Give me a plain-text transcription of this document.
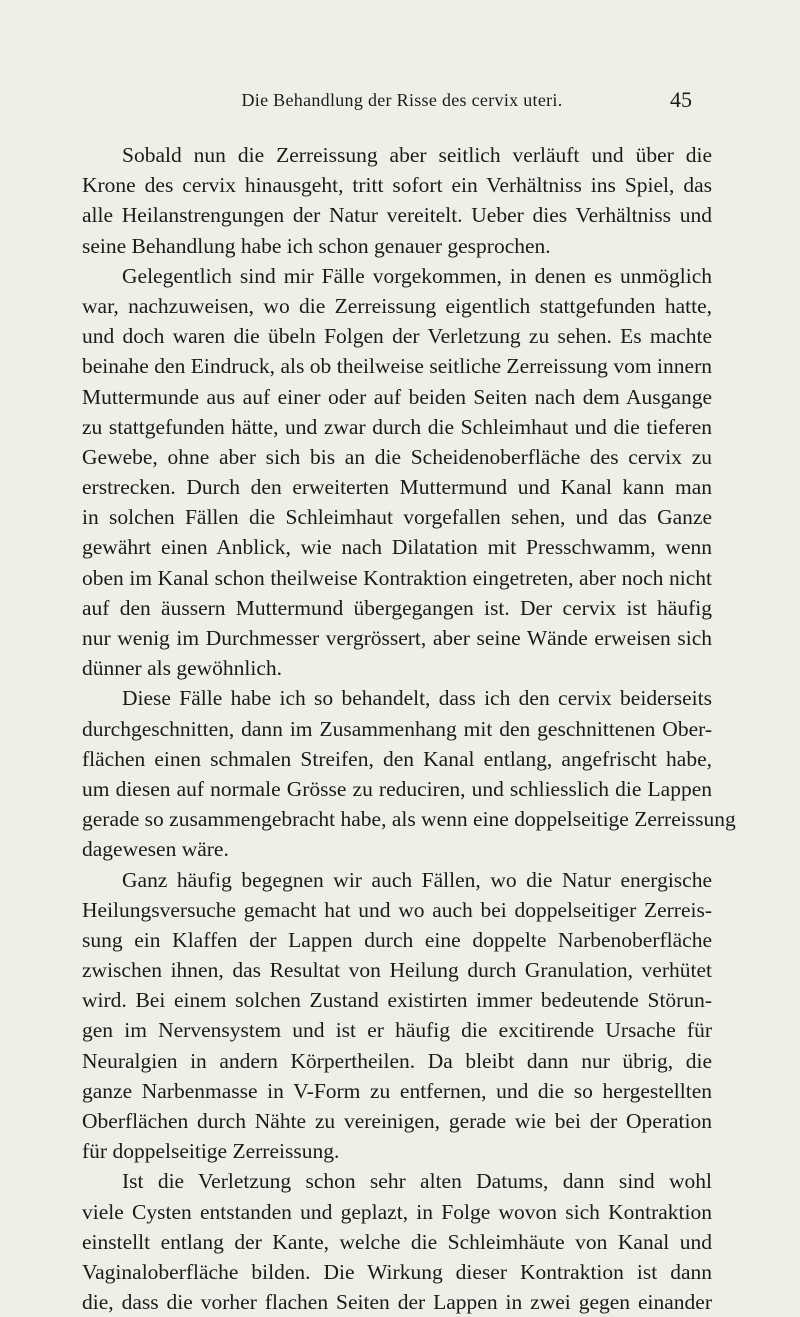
Die Behandlung der Risse des cervix uteri.	45
Sobald nun die Zerreissung aber seitlich verläuft und über die
Krone des cervix hinausgeht, tritt sofort ein Verhältniss ins Spiel, das
alle Heilanstrengungen der Natur vereitelt. Ueber dies Verhältniss und
seine Behandlung habe ich schon genauer gesprochen.
Gelegentlich sind mir Fälle vorgekommen, in denen es unmöglich
war, nachzuweisen, wo die Zerreissung eigentlich stattgefunden hatte,
und doch waren die übeln Folgen der Verletzung zu sehen. Es machte
beinahe den Eindruck, als ob theilweise seitliche Zerreissung vom innern
Muttermunde aus auf einer oder auf beiden Seiten nach dem Ausgange
zu stattgefunden hätte, und zwar durch die Schleimhaut und die tieferen
Gewebe, ohne aber sich bis an die Scheidenoberfläche des cervix zu
erstrecken. Durch den erweiterten Muttermund und Kanal kann man
in solchen Fällen die Schleimhaut vorgefallen sehen, und das Ganze
gewährt einen Anblick, wie nach Dilatation mit Presschwamm, wenn
oben im Kanal schon theilweise Kontraktion eingetreten, aber noch nicht
auf den äussern Muttermund übergegangen ist. Der cervix ist häufig
nur wenig im Durchmesser vergrössert, aber seine Wände erweisen sich
dünner als gewöhnlich.
Diese Fälle habe ich so behandelt, dass ich den cervix beiderseits
durchgeschnitten, dann im Zusammenhang mit den geschnittenen Ober-
flächen einen schmalen Streifen, den Kanal entlang, angefrischt habe,
um diesen auf normale Grösse zu reduciren, und schliesslich die Lappen
gerade so zusammengebracht habe, als wenn eine doppelseitige Zerreissung
dagewesen wäre.
Ganz häufig begegnen wir auch Fällen, wo die Natur energische
Heilungsversuche gemacht hat und wo auch bei doppelseitiger Zerreis-
sung ein Klaffen der Lappen durch eine doppelte Narbenoberfläche
zwischen ihnen, das Resultat von Heilung durch Granulation, verhütet
wird. Bei einem solchen Zustand existirten immer bedeutende Störun-
gen im Nervensystem und ist er häufig die excitirende Ursache für
Neuralgien in andern Körpertheilen. Da bleibt dann nur übrig, die
ganze Narbenmasse in V-Form zu entfernen, und die so hergestellten
Oberflächen durch Nähte zu vereinigen, gerade wie bei der Operation
für doppelseitige Zerreissung.
Ist die Verletzung schon sehr alten Datums, dann sind wohl
viele Cysten entstanden und geplazt, in Folge wovon sich Kontraktion
einstellt entlang der Kante, welche die Schleimhäute von Kanal und
Vaginaloberfläche bilden. Die Wirkung dieser Kontraktion ist dann
die, dass die vorher flachen Seiten der Lappen in zwei gegen einander
